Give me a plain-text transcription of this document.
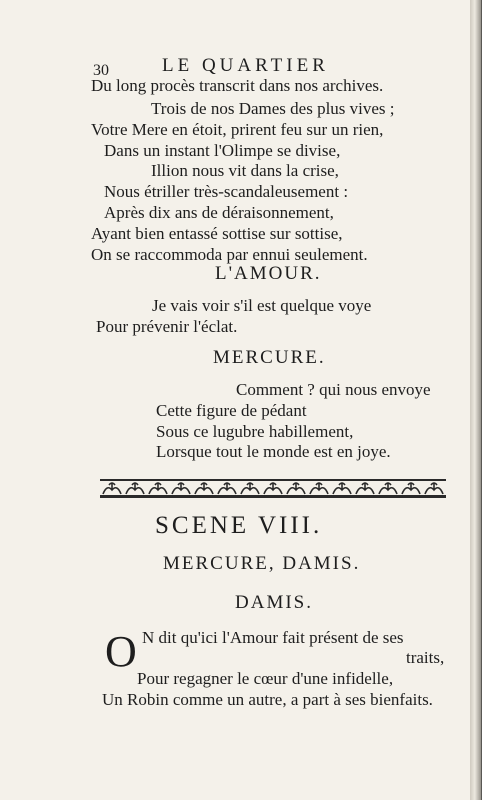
30	LE QUARTIER
Du long procès transcrit dans nos archives.
Trois de nos Dames des plus vives ;
Votre Mere en étoit, prirent feu sur un rien,
Dans un instant l'Olimpe se divise,
Illion nous vit dans la crise,
Nous étriller très-scandaleusement :
Après dix ans de déraisonnement,
Ayant bien entassé sottise sur sottise,
On se raccommoda par ennui seulement.
L'AMOUR.
Je vais voir s'il est quelque voye
Pour prévenir l'éclat.
MERCURE.
Comment ? qui nous envoye
Cette figure de pédant
Sous ce lugubre habillement,
Lorsque tout le monde est en joye.
SCENE VIII.
MERCURE, DAMIS.
DAMIS.
O N dit qu'ici l'Amour fait présent de ses
traits,
Pour regagner le cœur d'une infidelle,
Un Robin comme un autre, a part à ses bienfaits.
